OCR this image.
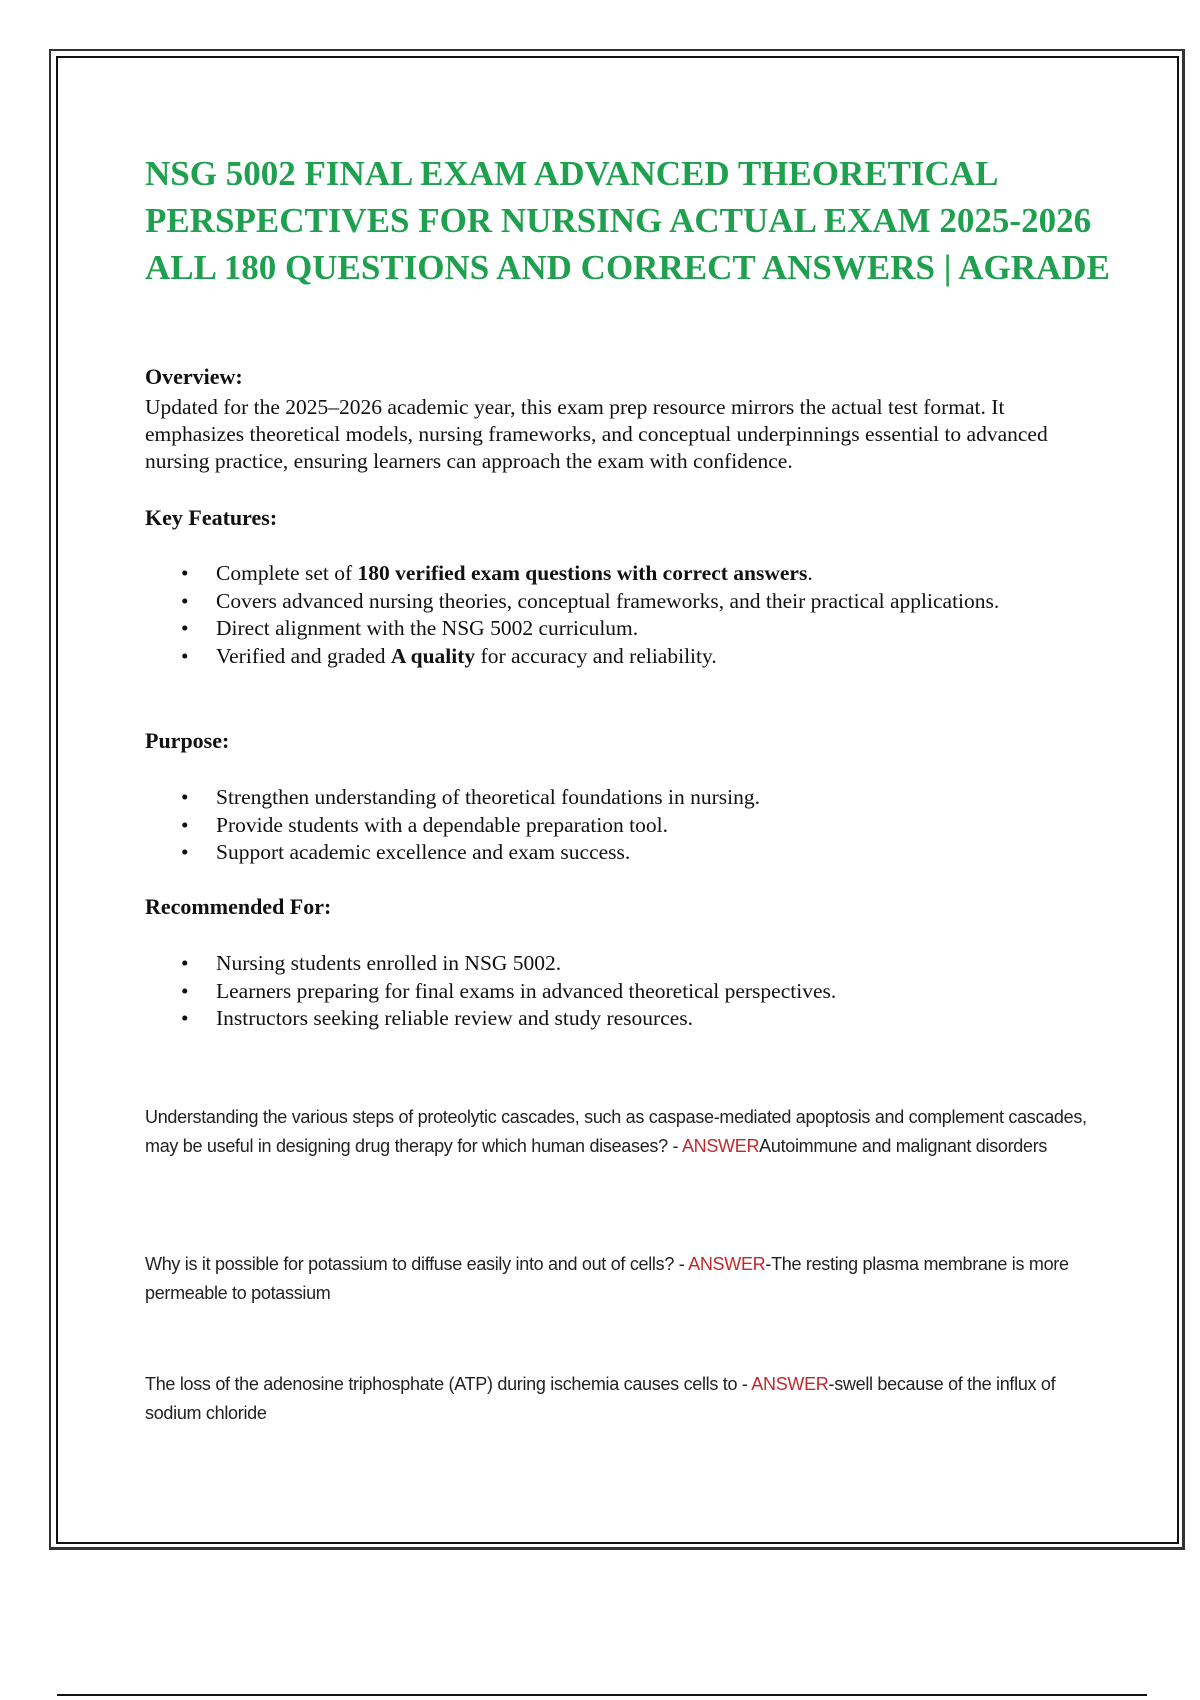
NSG 5002 FINAL EXAM ADVANCED THEORETICAL PERSPECTIVES FOR NURSING ACTUAL EXAM 2025-2026 ALL 180 QUESTIONS AND CORRECT ANSWERS | AGRADE
Overview:
Updated for the 2025–2026 academic year, this exam prep resource mirrors the actual test format. It emphasizes theoretical models, nursing frameworks, and conceptual underpinnings essential to advanced nursing practice, ensuring learners can approach the exam with confidence.
Key Features:
• Complete set of 180 verified exam questions with correct answers.
• Covers advanced nursing theories, conceptual frameworks, and their practical applications.
• Direct alignment with the NSG 5002 curriculum.
• Verified and graded A quality for accuracy and reliability.
Purpose:
• Strengthen understanding of theoretical foundations in nursing.
• Provide students with a dependable preparation tool.
• Support academic excellence and exam success.
Recommended For:
• Nursing students enrolled in NSG 5002.
• Learners preparing for final exams in advanced theoretical perspectives.
• Instructors seeking reliable review and study resources.
Understanding the various steps of proteolytic cascades, such as caspase-mediated apoptosis and complement cascades, may be useful in designing drug therapy for which human diseases? - ANSWERAutoimmune and malignant disorders
Why is it possible for potassium to diffuse easily into and out of cells? - ANSWER-The resting plasma membrane is more permeable to potassium
The loss of the adenosine triphosphate (ATP) during ischemia causes cells to - ANSWER-swell because of the influx of sodium chloride
